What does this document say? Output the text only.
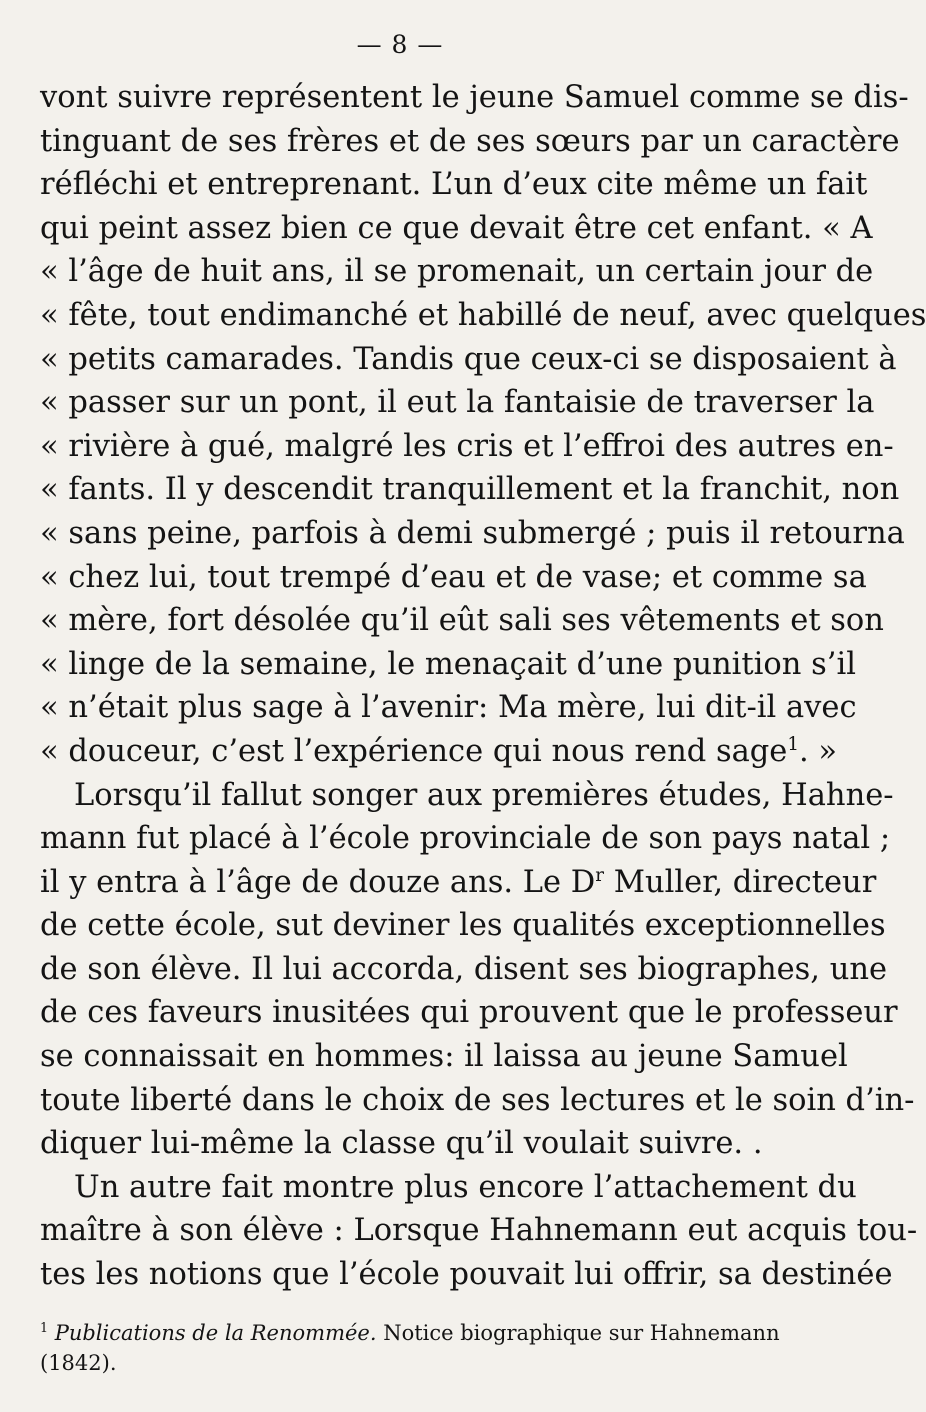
— 8 —
vont suivre représentent le jeune Samuel comme se dis-
tinguant de ses frères et de ses sœurs par un caractère
réfléchi et entreprenant. L’un d’eux cite même un fait
qui peint assez bien ce que devait être cet enfant. « A
« l’âge de huit ans, il se promenait, un certain jour de
« fête, tout endimanché et habillé de neuf, avec quelques
« petits camarades. Tandis que ceux-ci se disposaient à
« passer sur un pont, il eut la fantaisie de traverser la
« rivière à gué, malgré les cris et l’effroi des autres en-
« fants. Il y descendit tranquillement et la franchit, non
« sans peine, parfois à demi submergé ; puis il retourna
« chez lui, tout trempé d’eau et de vase; et comme sa
« mère, fort désolée qu’il eût sali ses vêtements et son
« linge de la semaine, le menaçait d’une punition s’il
« n’était plus sage à l’avenir: Ma mère, lui dit-il avec
« douceur, c’est l’expérience qui nous rend sage$^1$. »
Lorsqu’il fallut songer aux premières études, Hahne-
mann fut placé à l’école provinciale de son pays natal ;
il y entra à l’âge de douze ans. Le $D^r$ Muller, directeur
de cette école, sut deviner les qualités exceptionnelles
de son élève. Il lui accorda, disent ses biographes, une
de ces faveurs inusitées qui prouvent que le professeur
se connaissait en hommes: il laissa au jeune Samuel
toute liberté dans le choix de ses lectures et le soin d’in-
diquer lui-même la classe qu’il voulait suivre. .
Un autre fait montre plus encore l’attachement du
maître à son élève : Lorsque Hahnemann eut acquis tou-
tes les notions que l’école pouvait lui offrir, sa destinée
$^1$ Publications de la Renommée. Notice biographique sur Hahnemann
(1842).
